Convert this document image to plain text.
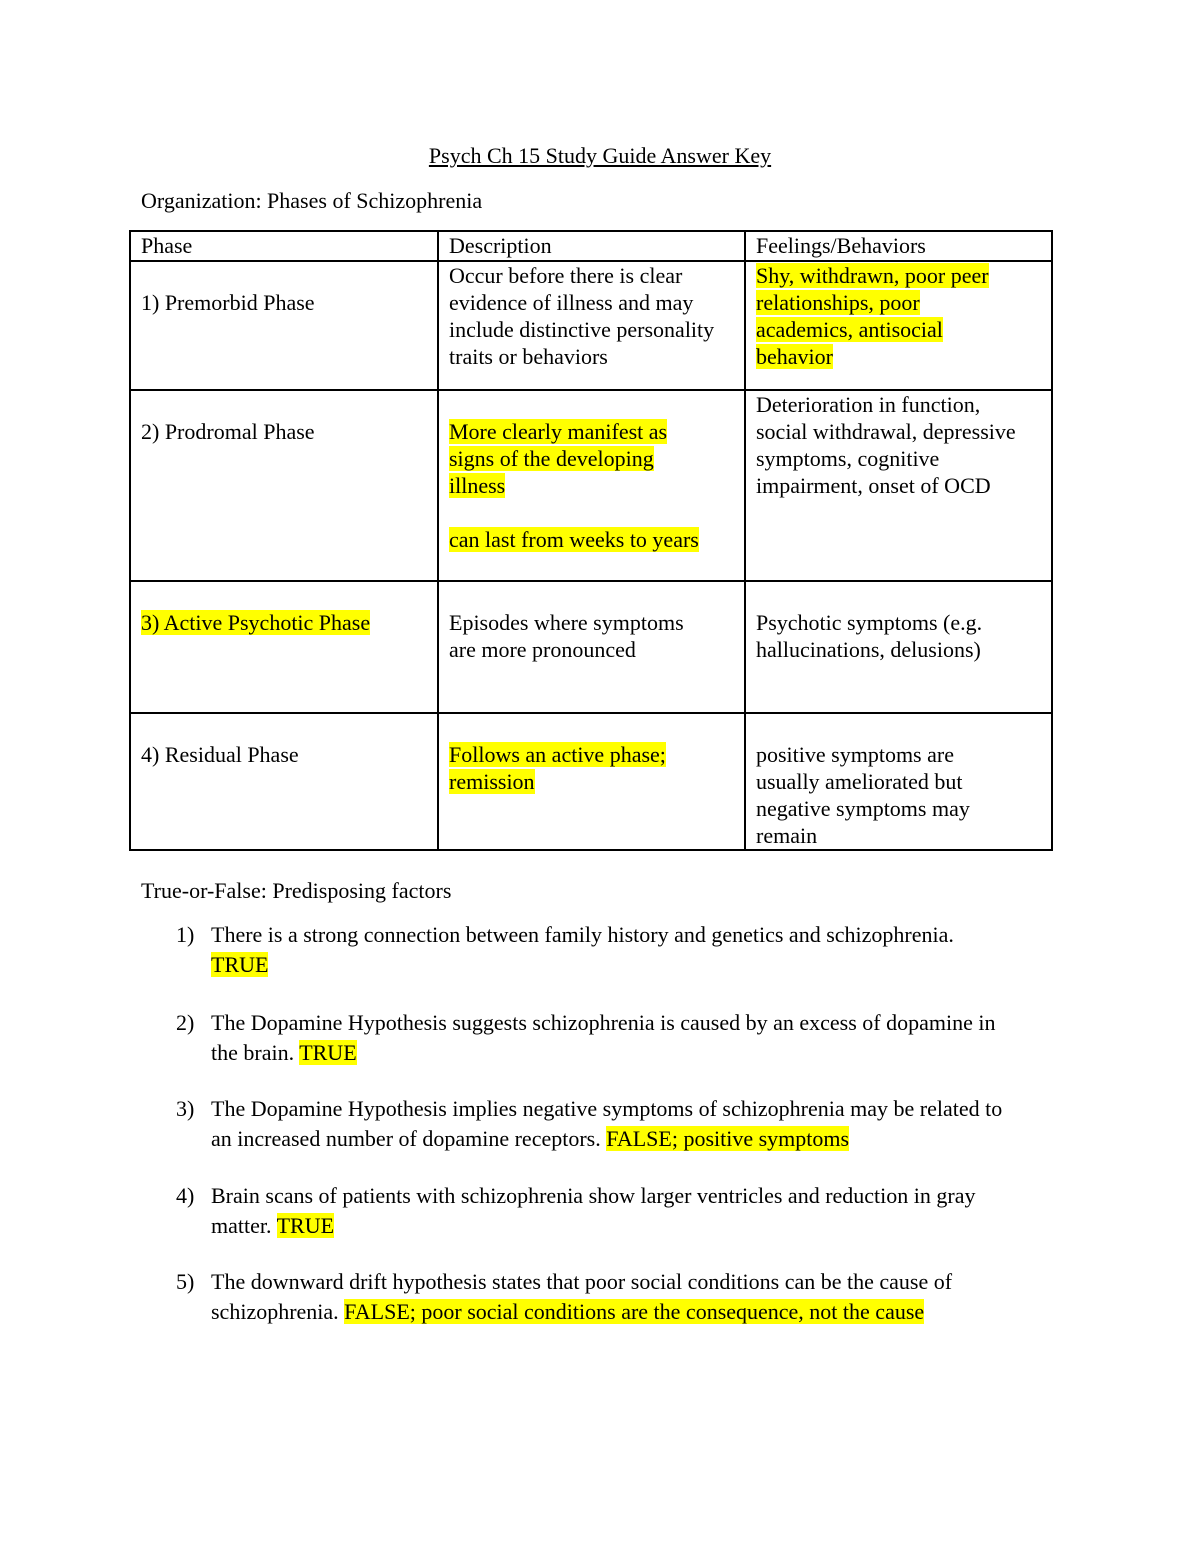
Psych Ch 15 Study Guide Answer Key
Organization: Phases of Schizophrenia
Phase	Description	Feelings/Behaviors

1) Premorbid Phase	Occur before there is clear
evidence of illness and may
include distinctive personality
traits or behaviors	Shy, withdrawn, poor peer
relationships, poor
academics, antisocial
behavior

2) Prodromal Phase	More clearly manifest as
signs of the developing
illness
can last from weeks to years	Deterioration in function,
social withdrawal, depressive
symptoms, cognitive
impairment, onset of OCD

3) Active Psychotic Phase	Episodes where symptoms
are more pronounced	Psychotic symptoms (e.g.
hallucinations, delusions)

4) Residual Phase	Follows an active phase;
remission	positive symptoms are
usually ameliorated but
negative symptoms may
remain
True-or-False: Predisposing factors
1) There is a strong connection between family history and genetics and schizophrenia.
TRUE
2) The Dopamine Hypothesis suggests schizophrenia is caused by an excess of dopamine in
the brain. TRUE
3) The Dopamine Hypothesis implies negative symptoms of schizophrenia may be related to
an increased number of dopamine receptors. FALSE; positive symptoms
4) Brain scans of patients with schizophrenia show larger ventricles and reduction in gray
matter. TRUE
5) The downward drift hypothesis states that poor social conditions can be the cause of
schizophrenia. FALSE; poor social conditions are the consequence, not the cause
